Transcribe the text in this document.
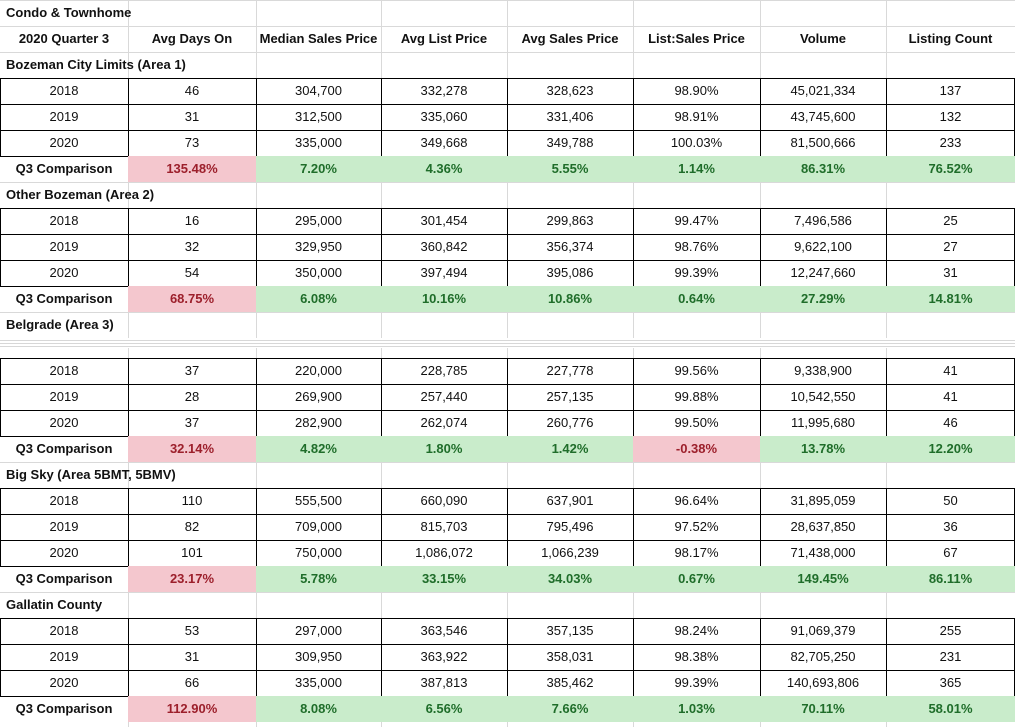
Condo & Townhome
2020 Quarter 3	Avg Days On	Median Sales Price	Avg List Price	Avg Sales Price	List:Sales Price	Volume	Listing Count
Bozeman City Limits (Area 1)
2018	46	304,700	332,278	328,623	98.90%	45,021,334	137
2019	31	312,500	335,060	331,406	98.91%	43,745,600	132
2020	73	335,000	349,668	349,788	100.03%	81,500,666	233
Q3 Comparison	135.48%	7.20%	4.36%	5.55%	1.14%	86.31%	76.52%
Other Bozeman (Area 2)
2018	16	295,000	301,454	299,863	99.47%	7,496,586	25
2019	32	329,950	360,842	356,374	98.76%	9,622,100	27
2020	54	350,000	397,494	395,086	99.39%	12,247,660	31
Q3 Comparison	68.75%	6.08%	10.16%	10.86%	0.64%	27.29%	14.81%
Belgrade (Area 3)
2018	37	220,000	228,785	227,778	99.56%	9,338,900	41
2019	28	269,900	257,440	257,135	99.88%	10,542,550	41
2020	37	282,900	262,074	260,776	99.50%	11,995,680	46
Q3 Comparison	32.14%	4.82%	1.80%	1.42%	-0.38%	13.78%	12.20%
Big Sky (Area 5BMT, 5BMV)
2018	110	555,500	660,090	637,901	96.64%	31,895,059	50
2019	82	709,000	815,703	795,496	97.52%	28,637,850	36
2020	101	750,000	1,086,072	1,066,239	98.17%	71,438,000	67
Q3 Comparison	23.17%	5.78%	33.15%	34.03%	0.67%	149.45%	86.11%
Gallatin County
2018	53	297,000	363,546	357,135	98.24%	91,069,379	255
2019	31	309,950	363,922	358,031	98.38%	82,705,250	231
2020	66	335,000	387,813	385,462	99.39%	140,693,806	365
Q3 Comparison	112.90%	8.08%	6.56%	7.66%	1.03%	70.11%	58.01%
